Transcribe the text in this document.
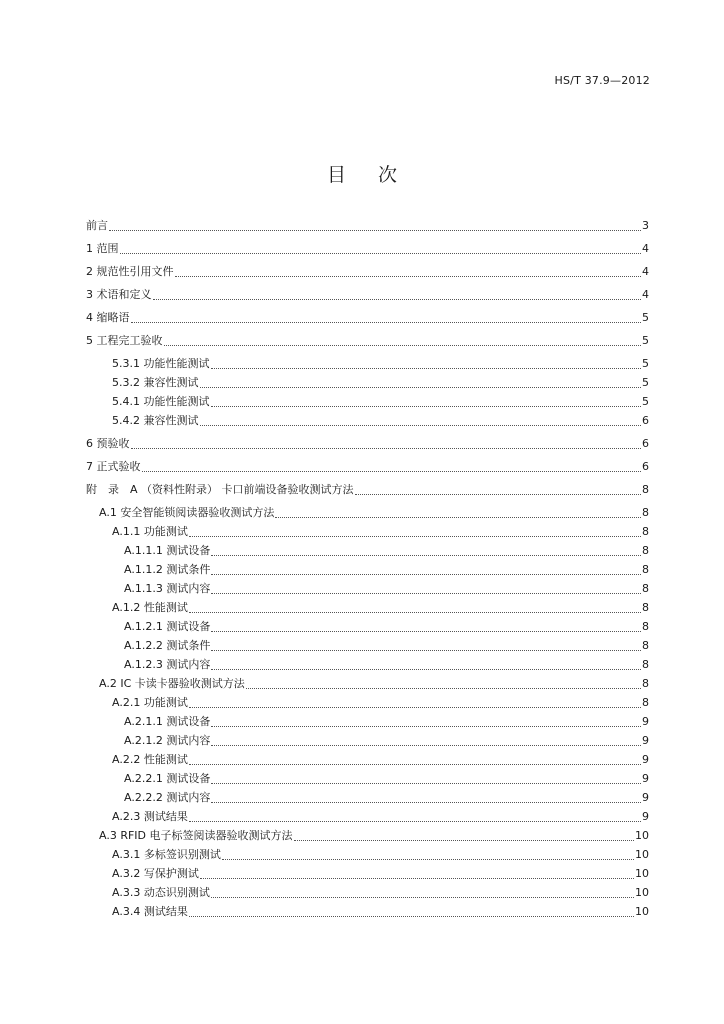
HS/T 37.9—2012
目次
前言	3
1 范围	4
2 规范性引用文件	4
3 术语和定义	4
4 缩略语	5
5 工程完工验收	5
5.3.1 功能性能测试	5
5.3.2 兼容性测试	5
5.4.1 功能性能测试	5
5.4.2 兼容性测试	6
6 预验收	6
7 正式验收	6
附　录　A （资料性附录） 卡口前端设备验收测试方法	8
A.1 安全智能锁阅读器验收测试方法	8
A.1.1 功能测试	8
A.1.1.1 测试设备	8
A.1.1.2 测试条件	8
A.1.1.3 测试内容	8
A.1.2 性能测试	8
A.1.2.1 测试设备	8
A.1.2.2 测试条件	8
A.1.2.3 测试内容	8
A.2 IC 卡读卡器验收测试方法	8
A.2.1 功能测试	8
A.2.1.1 测试设备	9
A.2.1.2 测试内容	9
A.2.2 性能测试	9
A.2.2.1 测试设备	9
A.2.2.2 测试内容	9
A.2.3 测试结果	9
A.3 RFID 电子标签阅读器验收测试方法	10
A.3.1 多标签识别测试	10
A.3.2 写保护测试	10
A.3.3 动态识别测试	10
A.3.4 测试结果	10
